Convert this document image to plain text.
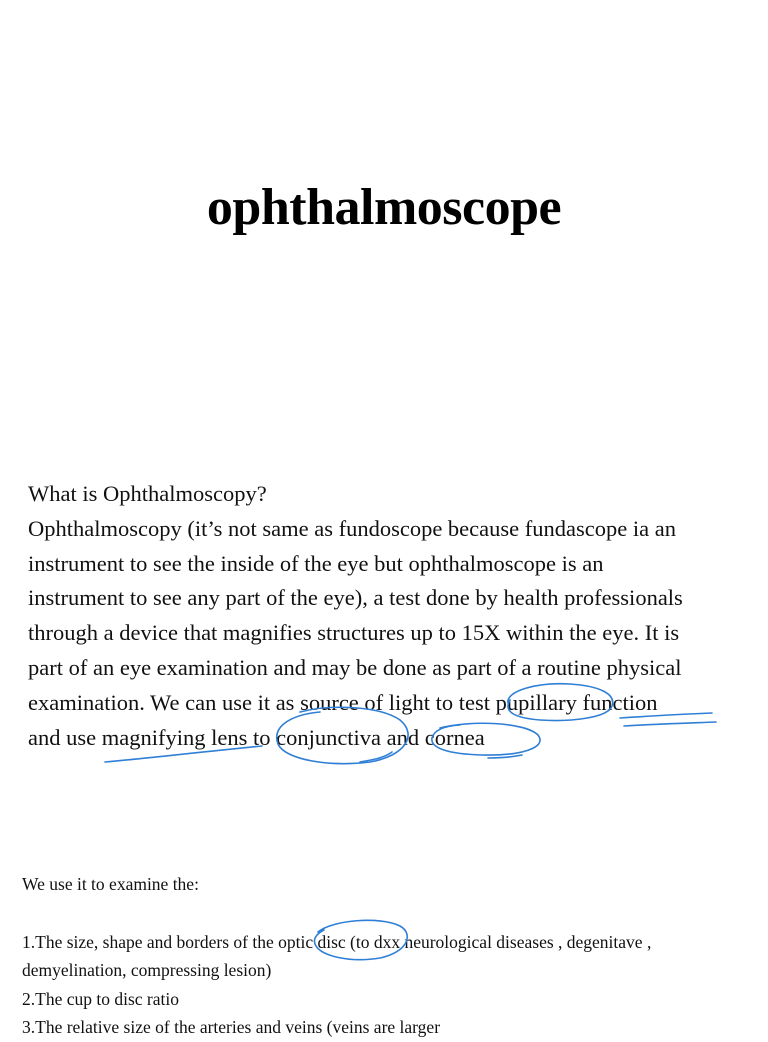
ophthalmoscope
What is Ophthalmoscopy?
Ophthalmoscopy (it’s not same as fundoscope because fundascope ia an
instrument to see the inside of the eye but ophthalmoscope is an
instrument to see any part of the eye), a test done by health professionals
through a device that magnifies structures up to 15X within the eye. It is
part of an eye examination and may be done as part of a routine physical
examination. We can use it as source of light to test pupillary function
and use magnifying lens to conjunctiva and cornea
We use it to examine the:
1.The size, shape and borders of the optic disc (to dxx neurological diseases , degenitave ,
demyelination, compressing lesion)
2.The cup to disc ratio
3.The relative size of the arteries and veins (veins are larger
